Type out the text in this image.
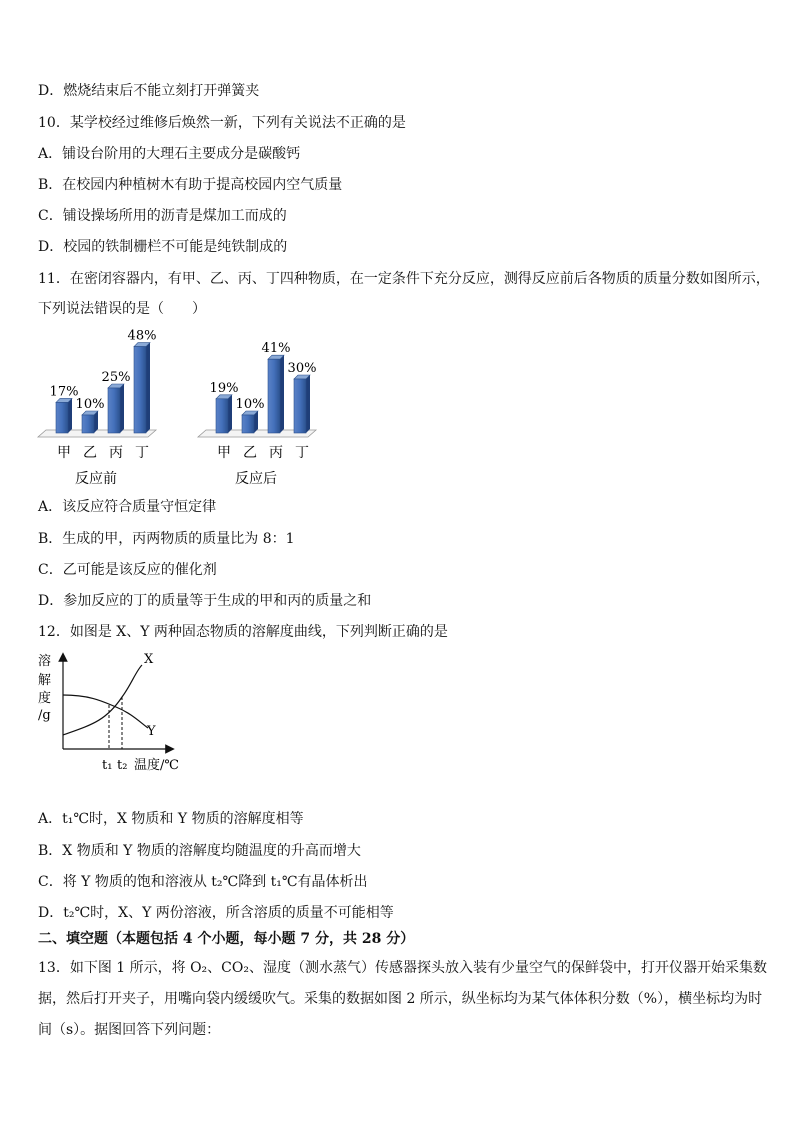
D．燃烧结束后不能立刻打开弹簧夹
10．某学校经过维修后焕然一新，下列有关说法不正确的是
A．铺设台阶用的大理石主要成分是碳酸钙
B．在校园内种植树木有助于提高校园内空气质量
C．铺设操场所用的沥青是煤加工而成的
D．校园的铁制栅栏不可能是纯铁制成的
11．在密闭容器内，有甲、乙、丙、丁四种物质，在一定条件下充分反应，测得反应前后各物质的质量分数如图所示，
下列说法错误的是（　　）
17%
10%
25%
48%
甲 乙 丙 丁
反应前
19%
10%
41%
30%
甲 乙 丙 丁
反应后
A．该反应符合质量守恒定律
B．生成的甲，丙两物质的质量比为 8：1
C．乙可能是该反应的催化剂
D．参加反应的丁的质量等于生成的甲和丙的质量之和
12．如图是 X、Y 两种固态物质的溶解度曲线，下列判断正确的是
溶
解
度
/g
X
Y
t₁ t₂ 温度/℃
A．t₁℃时，X 物质和 Y 物质的溶解度相等
B．X 物质和 Y 物质的溶解度均随温度的升高而增大
C．将 Y 物质的饱和溶液从 t₂℃降到 t₁℃有晶体析出
D．t₂℃时，X、Y 两份溶液，所含溶质的质量不可能相等
二、填空题（本题包括 4 个小题，每小题 7 分，共 28 分）
13．如下图 1 所示，将 O₂、CO₂、湿度（测水蒸气）传感器探头放入装有少量空气的保鲜袋中，打开仪器开始采集数
据，然后打开夹子，用嘴向袋内缓缓吹气。采集的数据如图 2 所示，纵坐标均为某气体体积分数（%），横坐标均为时
间（s）。据图回答下列问题：
